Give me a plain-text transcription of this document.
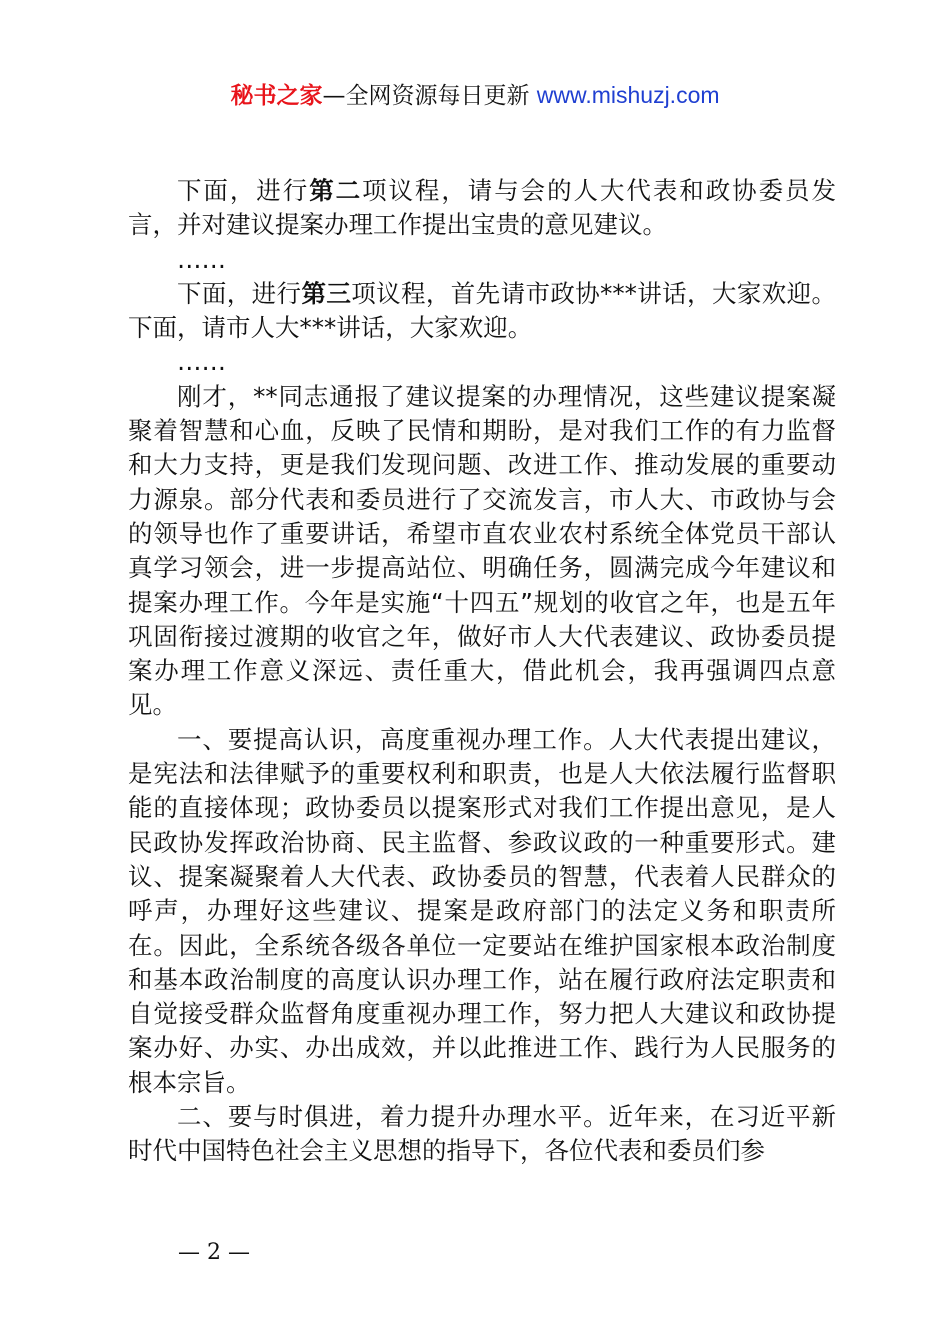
秘书之家—全网资源每日更新 www.mishuzj.com

下面，进行第二项议程，请与会的人大代表和政协委员发言，并对建议提案办理工作提出宝贵的意见建议。

……

下面，进行第三项议程，首先请市政协***讲话，大家欢迎。下面，请市人大***讲话，大家欢迎。

……

刚才，**同志通报了建议提案的办理情况，这些建议提案凝聚着智慧和心血，反映了民情和期盼，是对我们工作的有力监督和大力支持，更是我们发现问题、改进工作、推动发展的重要动力源泉。部分代表和委员进行了交流发言，市人大、市政协与会的领导也作了重要讲话，希望市直农业农村系统全体党员干部认真学习领会，进一步提高站位、明确任务，圆满完成今年建议和提案办理工作。今年是实施“十四五”规划的收官之年，也是五年巩固衔接过渡期的收官之年，做好市人大代表建议、政协委员提案办理工作意义深远、责任重大，借此机会，我再强调四点意见。

一、要提高认识，高度重视办理工作。人大代表提出建议，是宪法和法律赋予的重要权利和职责，也是人大依法履行监督职能的直接体现；政协委员以提案形式对我们工作提出意见，是人民政协发挥政治协商、民主监督、参政议政的一种重要形式。建议、提案凝聚着人大代表、政协委员的智慧，代表着人民群众的呼声，办理好这些建议、提案是政府部门的法定义务和职责所在。因此，全系统各级各单位一定要站在维护国家根本政治制度和基本政治制度的高度认识办理工作，站在履行政府法定职责和自觉接受群众监督角度重视办理工作，努力把人大建议和政协提案办好、办实、办出成效，并以此推进工作、践行为人民服务的根本宗旨。

二、要与时俱进，着力提升办理水平。近年来，在习近平新时代中国特色社会主义思想的指导下，各位代表和委员们参

— 2 —
